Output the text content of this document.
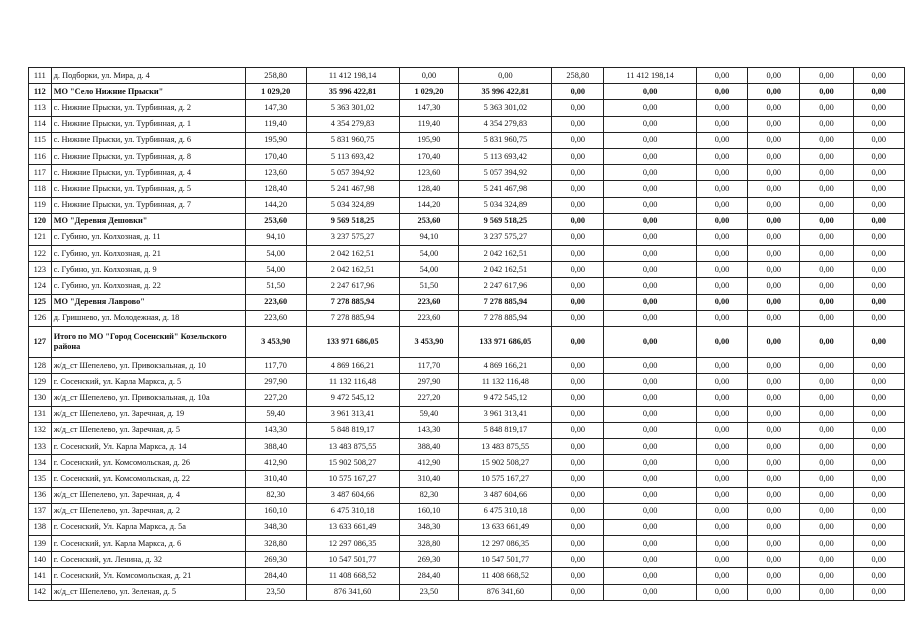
111	д. Подборки, ул. Мира, д. 4	258,80	11 412 198,14	0,00	0,00	258,80	11 412 198,14	0,00	0,00	0,00	0,00
112	МО "Село Нижние Прыски"	1 029,20	35 996 422,81	1 029,20	35 996 422,81	0,00	0,00	0,00	0,00	0,00	0,00
113	с. Нижние Прыски, ул. Турбинная, д. 2	147,30	5 363 301,02	147,30	5 363 301,02	0,00	0,00	0,00	0,00	0,00	0,00
114	с. Нижние Прыски, ул. Турбинная, д. 1	119,40	4 354 279,83	119,40	4 354 279,83	0,00	0,00	0,00	0,00	0,00	0,00
115	с. Нижние Прыски, ул. Турбинная, д. 6	195,90	5 831 960,75	195,90	5 831 960,75	0,00	0,00	0,00	0,00	0,00	0,00
116	с. Нижние Прыски, ул. Турбинная, д. 8	170,40	5 113 693,42	170,40	5 113 693,42	0,00	0,00	0,00	0,00	0,00	0,00
117	с. Нижние Прыски, ул. Турбинная, д. 4	123,60	5 057 394,92	123,60	5 057 394,92	0,00	0,00	0,00	0,00	0,00	0,00
118	с. Нижние Прыски, ул. Турбинная, д. 5	128,40	5 241 467,98	128,40	5 241 467,98	0,00	0,00	0,00	0,00	0,00	0,00
119	с. Нижние Прыски, ул. Турбинная, д. 7	144,20	5 034 324,89	144,20	5 034 324,89	0,00	0,00	0,00	0,00	0,00	0,00
120	МО "Деревня Дешовки"	253,60	9 569 518,25	253,60	9 569 518,25	0,00	0,00	0,00	0,00	0,00	0,00
121	с. Губино, ул. Колхозная, д. 11	94,10	3 237 575,27	94,10	3 237 575,27	0,00	0,00	0,00	0,00	0,00	0,00
122	с. Губино, ул. Колхозная, д. 21	54,00	2 042 162,51	54,00	2 042 162,51	0,00	0,00	0,00	0,00	0,00	0,00
123	с. Губино, ул. Колхозная, д. 9	54,00	2 042 162,51	54,00	2 042 162,51	0,00	0,00	0,00	0,00	0,00	0,00
124	с. Губино, ул. Колхозная, д. 22	51,50	2 247 617,96	51,50	2 247 617,96	0,00	0,00	0,00	0,00	0,00	0,00
125	МО "Деревня Лаврово"	223,60	7 278 885,94	223,60	7 278 885,94	0,00	0,00	0,00	0,00	0,00	0,00
126	д. Гришнево, ул. Молодежная, д. 18	223,60	7 278 885,94	223,60	7 278 885,94	0,00	0,00	0,00	0,00	0,00	0,00
127	Итого по МО "Город Сосенский" Козельского района	3 453,90	133 971 686,05	3 453,90	133 971 686,05	0,00	0,00	0,00	0,00	0,00	0,00
128	ж/д_ст Шепелево, ул. Привокзальная, д. 10	117,70	4 869 166,21	117,70	4 869 166,21	0,00	0,00	0,00	0,00	0,00	0,00
129	г. Сосенский, ул. Карла Маркса, д. 5	297,90	11 132 116,48	297,90	11 132 116,48	0,00	0,00	0,00	0,00	0,00	0,00
130	ж/д_ст Шепелево, ул. Привокзальная, д. 10а	227,20	9 472 545,12	227,20	9 472 545,12	0,00	0,00	0,00	0,00	0,00	0,00
131	ж/д_ст Шепелево, ул. Заречная, д. 19	59,40	3 961 313,41	59,40	3 961 313,41	0,00	0,00	0,00	0,00	0,00	0,00
132	ж/д_ст Шепелево, ул. Заречная, д. 5	143,30	5 848 819,17	143,30	5 848 819,17	0,00	0,00	0,00	0,00	0,00	0,00
133	г. Сосенский, Ул. Карла Маркса, д. 14	388,40	13 483 875,55	388,40	13 483 875,55	0,00	0,00	0,00	0,00	0,00	0,00
134	г. Сосенский, ул. Комсомольская, д. 26	412,90	15 902 508,27	412,90	15 902 508,27	0,00	0,00	0,00	0,00	0,00	0,00
135	г. Сосенский, ул. Комсомольская, д. 22	310,40	10 575 167,27	310,40	10 575 167,27	0,00	0,00	0,00	0,00	0,00	0,00
136	ж/д_ст Шепелево, ул. Заречная, д. 4	82,30	3 487 604,66	82,30	3 487 604,66	0,00	0,00	0,00	0,00	0,00	0,00
137	ж/д_ст Шепелево, ул. Заречная, д. 2	160,10	6 475 310,18	160,10	6 475 310,18	0,00	0,00	0,00	0,00	0,00	0,00
138	г. Сосенский, Ул. Карла Маркса, д. 5а	348,30	13 633 661,49	348,30	13 633 661,49	0,00	0,00	0,00	0,00	0,00	0,00
139	г. Сосенский, ул. Карла Маркса, д. 6	328,80	12 297 086,35	328,80	12 297 086,35	0,00	0,00	0,00	0,00	0,00	0,00
140	г. Сосенский, ул. Ленина, д. 32	269,30	10 547 501,77	269,30	10 547 501,77	0,00	0,00	0,00	0,00	0,00	0,00
141	г. Сосенский, Ул. Комсомольская, д. 21	284,40	11 408 668,52	284,40	11 408 668,52	0,00	0,00	0,00	0,00	0,00	0,00
142	ж/д_ст Шепелево, ул. Зеленая, д. 5	23,50	876 341,60	23,50	876 341,60	0,00	0,00	0,00	0,00	0,00	0,00
